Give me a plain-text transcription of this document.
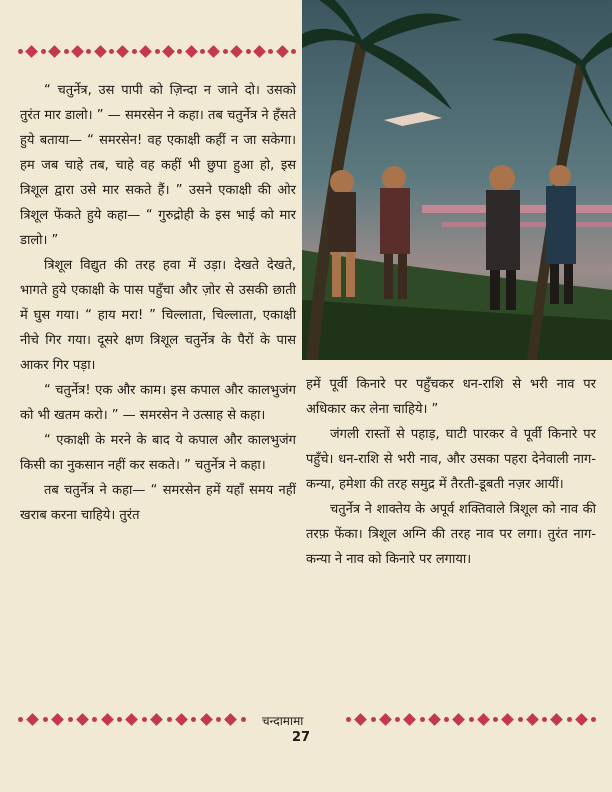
“ चतुर्नेत्र, उस पापी को ज़िन्दा न जाने दो। उसको तुरंत मार डालो। ” — समरसेन ने कहा। तब चतुर्नेत्र ने हँसते हुये बताया— “ समरसेन! वह एकाक्षी कहीं न जा सकेगा। हम जब चाहे तब, चाहे वह कहीं भी छुपा हुआ हो, इस त्रिशूल द्वारा उसे मार सकते हैं। ” उसने एकाक्षी की ओर त्रिशूल फेंकते हुये कहा— “ गुरुद्रोही के इस भाई को मार डालो। ”

त्रिशूल विद्युत की तरह हवा में उड़ा। देखते देखते, भागते हुये एकाक्षी के पास पहुँचा और ज़ोर से उसकी छाती में घुस गया। “ हाय मरा! ” चिल्लाता, चिल्लाता, एकाक्षी नीचे गिर गया। दूसरे क्षण त्रिशूल चतुर्नेत्र के पैरों के पास आकर गिर पड़ा।

“ चतुर्नेत्र! एक और काम। इस कपाल और कालभुजंग को भी खतम करो। ” — समरसेन ने उत्साह से कहा।

“ एकाक्षी के मरने के बाद ये कपाल और कालभुजंग किसी का नुकसान नहीं कर सकते। ” चतुर्नेत्र ने कहा।

तब चतुर्नेत्र ने कहा— “ समरसेन हमें यहाँ समय नहीं खराब करना चाहिये। तुरंत

हमें पूर्वी किनारे पर पहुँचकर धन-राशि से भरी नाव पर अधिकार कर लेना चाहिये। ”

जंगली रास्तों से पहाड़, घाटी पारकर वे पूर्वी किनारे पर पहुँचे। धन-राशि से भरी नाव, और उसका पहरा देनेवाली नाग-कन्या, हमेशा की तरह समुद्र में तैरती-डूबती नज़र आयीं।

चतुर्नेत्र ने शाक्तेय के अपूर्व शक्तिवाले त्रिशूल को नाव की तरफ़ फेंका। त्रिशूल अग्नि की तरह नाव पर लगा। तुरंत नाग-कन्या ने नाव को किनारे पर लगाया।

चन्दामामा
27
